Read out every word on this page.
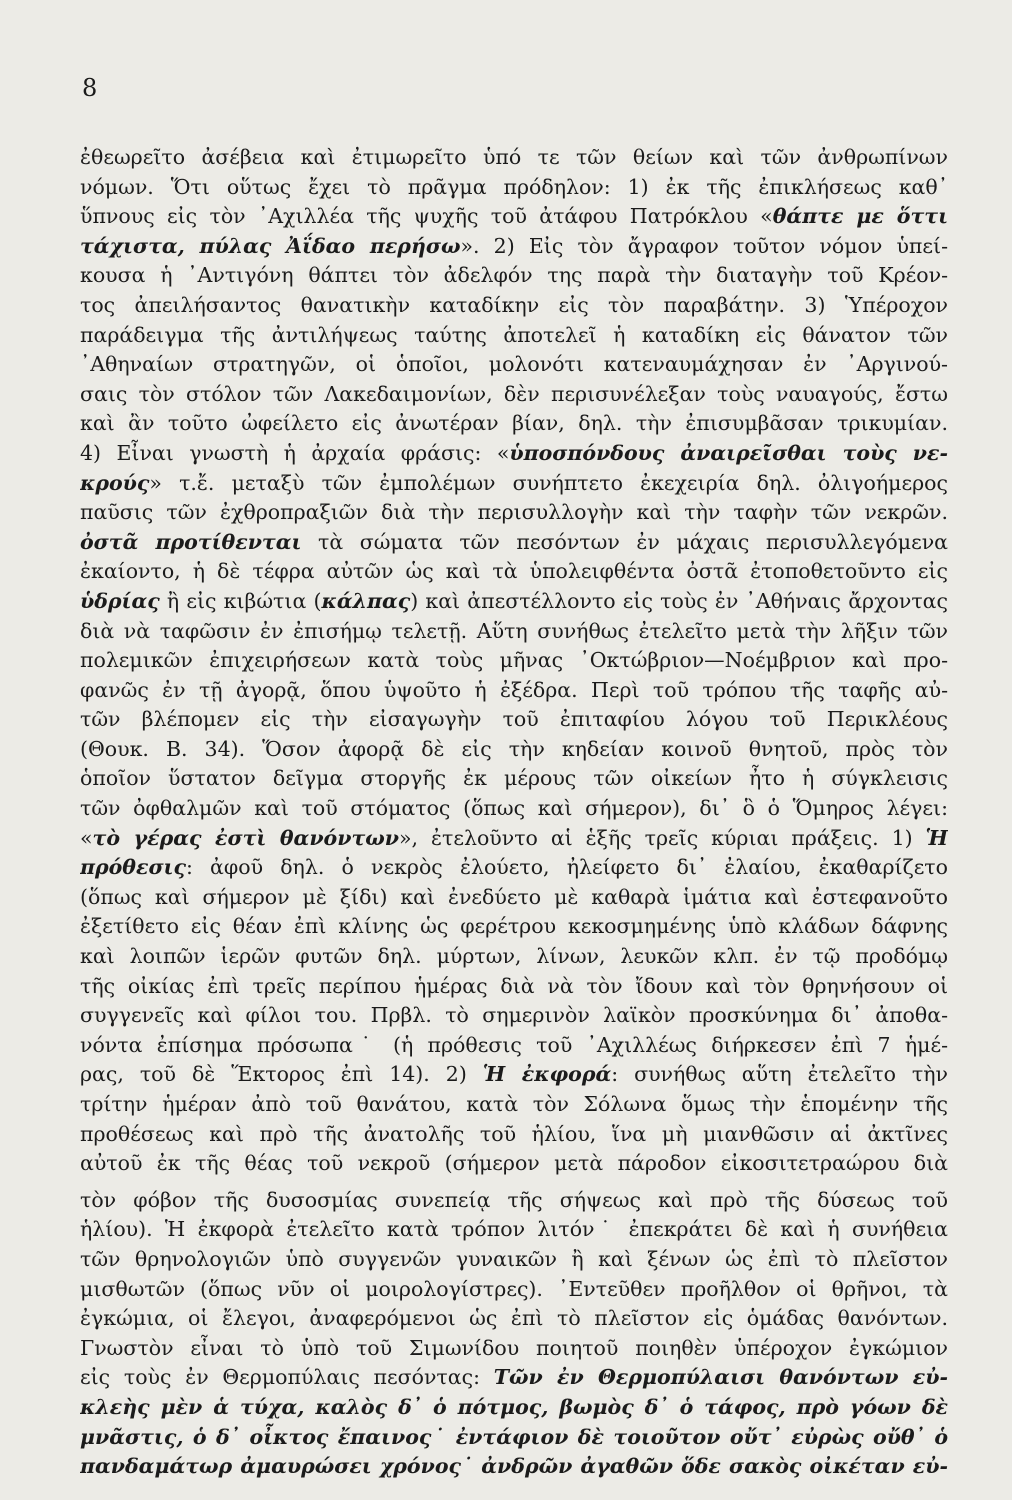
8
ἐθεωρεῖτο ἀσέβεια καὶ ἐτιμωρεῖτο ὑπό τε τῶν θείων καὶ τῶν ἀνθρωπίνων
νόμων. Ὅτι οὕτως ἔχει τὸ πρᾶγμα πρόδηλον: 1) ἐκ τῆς ἐπικλήσεως καθ᾽
ὕπνους εἰς τὸν ᾽Αχιλλέα τῆς ψυχῆς τοῦ ἀτάφου Πατρόκλου «θάπτε με ὅττι
τάχιστα, πύλας Ἀΐδαο περήσω». 2) Εἰς τὸν ἄγραφον τοῦτον νόμον ὑπεί-
κουσα ἡ ᾽Αντιγόνη θάπτει τὸν ἀδελφόν της παρὰ τὴν διαταγὴν τοῦ Κρέον-
τος ἀπειλήσαντος θανατικὴν καταδίκην εἰς τὸν παραβάτην. 3) Ὑπέροχον
παράδειγμα τῆς ἀντιλήψεως ταύτης ἀποτελεῖ ἡ καταδίκη εἰς θάνατον τῶν
᾽Αθηναίων στρατηγῶν, οἱ ὁποῖοι, μολονότι κατεναυμάχησαν ἐν ᾽Αργινού-
σαις τὸν στόλον τῶν Λακεδαιμονίων, δὲν περισυνέλεξαν τοὺς ναυαγούς, ἔστω
καὶ ἂν τοῦτο ὠφείλετο εἰς ἀνωτέραν βίαν, δηλ. τὴν ἐπισυμβᾶσαν τρικυμίαν.
4) Εἶναι γνωστὴ ἡ ἀρχαία φράσις: «ὑποσπόνδους ἀναιρεῖσθαι τοὺς νε-
κρούς» τ.ἔ. μεταξὺ τῶν ἐμπολέμων συνήπτετο ἐκεχειρία δηλ. ὀλιγοήμερος
παῦσις τῶν ἐχθροπραξιῶν διὰ τὴν περισυλλογὴν καὶ τὴν ταφὴν τῶν νεκρῶν.
ὀστᾶ προτίθενται τὰ σώματα τῶν πεσόντων ἐν μάχαις περισυλλεγόμενα
ἐκαίοντο, ἡ δὲ τέφρα αὐτῶν ὡς καὶ τὰ ὑπολειφθέντα ὀστᾶ ἐτοποθετοῦντο εἰς
ὑδρίας ἢ εἰς κιβώτια (κάλπας) καὶ ἀπεστέλλοντο εἰς τοὺς ἐν ᾽Αθήναις ἄρχοντας
διὰ νὰ ταφῶσιν ἐν ἐπισήμῳ τελετῇ. Αὕτη συνήθως ἐτελεῖτο μετὰ τὴν λῆξιν τῶν
πολεμικῶν ἐπιχειρήσεων κατὰ τοὺς μῆνας ᾽Οκτώβριον—Νοέμβριον καὶ προ-
φανῶς ἐν τῇ ἀγορᾷ, ὅπου ὑψοῦτο ἡ ἐξέδρα. Περὶ τοῦ τρόπου τῆς ταφῆς αὐ-
τῶν βλέπομεν εἰς τὴν εἰσαγωγὴν τοῦ ἐπιταφίου λόγου τοῦ Περικλέους
(Θουκ. Β. 34). Ὅσον ἀφορᾷ δὲ εἰς τὴν κηδείαν κοινοῦ θνητοῦ, πρὸς τὸν
ὁποῖον ὕστατον δεῖγμα στοργῆς ἐκ μέρους τῶν οἰκείων ἦτο ἡ σύγκλεισις
τῶν ὀφθαλμῶν καὶ τοῦ στόματος (ὅπως καὶ σήμερον), δι᾽ ὃ ὁ Ὅμηρος λέγει:
«τὸ γέρας ἐστὶ θανόντων», ἐτελοῦντο αἱ ἑξῆς τρεῖς κύριαι πράξεις. 1) Ἡ
πρόθεσις: ἀφοῦ δηλ. ὁ νεκρὸς ἐλούετο, ἠλείφετο δι᾽ ἐλαίου, ἐκαθαρίζετο
(ὅπως καὶ σήμερον μὲ ξίδι) καὶ ἐνεδύετο μὲ καθαρὰ ἱμάτια καὶ ἐστεφανοῦτο
ἐξετίθετο εἰς θέαν ἐπὶ κλίνης ὡς φερέτρου κεκοσμημένης ὑπὸ κλάδων δάφνης
καὶ λοιπῶν ἱερῶν φυτῶν δηλ. μύρτων, λίνων, λευκῶν κλπ. ἐν τῷ προδόμῳ
τῆς οἰκίας ἐπὶ τρεῖς περίπου ἡμέρας διὰ νὰ τὸν ἴδουν καὶ τὸν θρηνήσουν οἱ
συγγενεῖς καὶ φίλοι του. Πρβλ. τὸ σημερινὸν λαϊκὸν προσκύνημα δι᾽ ἀποθα-
νόντα ἐπίσημα πρόσωπα˙ (ἡ πρόθεσις τοῦ ᾽Αχιλλέως διήρκεσεν ἐπὶ 7 ἡμέ-
ρας, τοῦ δὲ Ἕκτορος ἐπὶ 14). 2) Ἡ ἐκφορά: συνήθως αὕτη ἐτελεῖτο τὴν
τρίτην ἡμέραν ἀπὸ τοῦ θανάτου, κατὰ τὸν Σόλωνα ὅμως τὴν ἑπομένην τῆς
προθέσεως καὶ πρὸ τῆς ἀνατολῆς τοῦ ἡλίου, ἵνα μὴ μιανθῶσιν αἱ ἀκτῖνες
αὐτοῦ ἐκ τῆς θέας τοῦ νεκροῦ (σήμερον μετὰ πάροδον εἰκοσιτετραώρου διὰ
τὸν φόβον τῆς δυσοσμίας συνεπείᾳ τῆς σήψεως καὶ πρὸ τῆς δύσεως τοῦ
ἡλίου). Ἡ ἐκφορὰ ἐτελεῖτο κατὰ τρόπον λιτόν˙ ἐπεκράτει δὲ καὶ ἡ συνήθεια
τῶν θρηνολογιῶν ὑπὸ συγγενῶν γυναικῶν ἢ καὶ ξένων ὡς ἐπὶ τὸ πλεῖστον
μισθωτῶν (ὅπως νῦν οἱ μοιρολογίστρες). ᾽Εντεῦθεν προῆλθον οἱ θρῆνοι, τὰ
ἐγκώμια, οἱ ἔλεγοι, ἀναφερόμενοι ὡς ἐπὶ τὸ πλεῖστον εἰς ὁμάδας θανόντων.
Γνωστὸν εἶναι τὸ ὑπὸ τοῦ Σιμωνίδου ποιητοῦ ποιηθὲν ὑπέροχον ἐγκώμιον
εἰς τοὺς ἐν Θερμοπύλαις πεσόντας: Τῶν ἐν Θερμοπύλαισι θανόντων εὐ-
κλεὴς μὲν ἁ τύχα, καλὸς δ᾽ ὁ πότμος, βωμὸς δ᾽ ὁ τάφος, πρὸ γόων δὲ
μνᾶστις, ὁ δ᾽ οἶκτος ἔπαινος˙ ἐντάφιον δὲ τοιοῦτον οὔτ᾽ εὐρὼς οὔθ᾽ ὁ
πανδαμάτωρ ἀμαυρώσει χρόνος˙ ἀνδρῶν ἀγαθῶν ὅδε σακὸς οἰκέταν εὐ-
